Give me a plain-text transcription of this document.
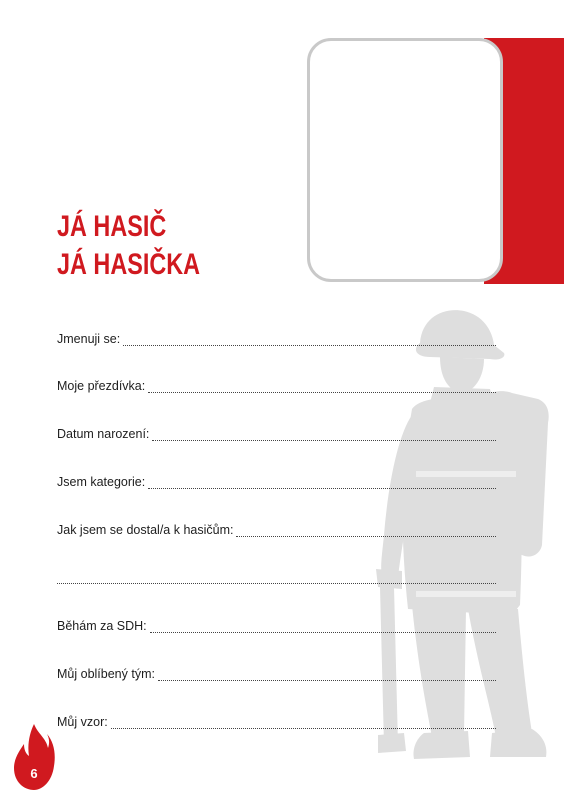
JÁ HASIČ
JÁ HASIČKA
Jmenuji se:
Moje přezdívka:
Datum narození:
Jsem kategorie:
Jak jsem se dostal/a k hasičům:
Běhám za SDH:
Můj oblíbený tým:
Můj vzor:
6
